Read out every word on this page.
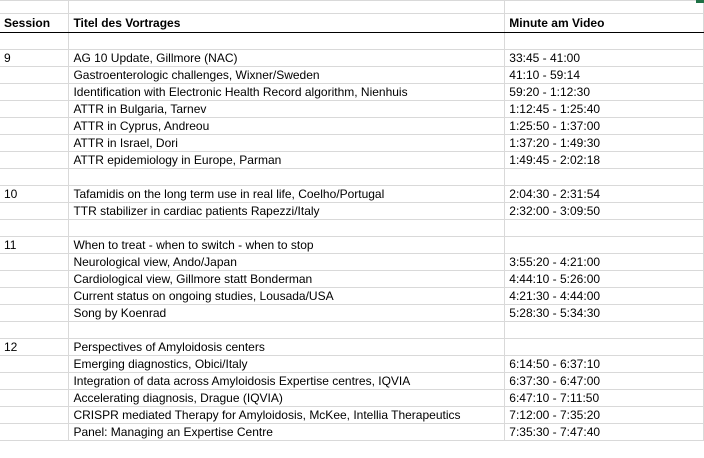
Session	Titel des Vortrages	Minute am Video

9	AG 10 Update, Gillmore (NAC)	33:45 - 41:00
	Gastroenterologic challenges, Wixner/Sweden	41:10 - 59:14
	Identification with Electronic Health Record algorithm, Nienhuis	59:20 - 1:12:30
	ATTR in Bulgaria, Tarnev	1:12:45 - 1:25:40
	ATTR in Cyprus, Andreou	1:25:50 - 1:37:00
	ATTR in Israel, Dori	1:37:20 - 1:49:30
	ATTR epidemiology in Europe, Parman	1:49:45 - 2:02:18

10	Tafamidis on the long term use in real life, Coelho/Portugal	2:04:30 - 2:31:54
	TTR stabilizer in cardiac patients Rapezzi/Italy	2:32:00 - 3:09:50

11	When to treat - when to switch - when to stop	
	Neurological view, Ando/Japan	3:55:20 - 4:21:00
	Cardiological view, Gillmore statt Bonderman	4:44:10 - 5:26:00
	Current status on ongoing studies, Lousada/USA	4:21:30 - 4:44:00
	Song by Koenrad	5:28:30 - 5:34:30

12	Perspectives of Amyloidosis centers	
	Emerging diagnostics, Obici/Italy	6:14:50 - 6:37:10
	Integration of data across Amyloidosis Expertise centres, IQVIA	6:37:30 - 6:47:00
	Accelerating diagnosis, Drague (IQVIA)	6:47:10 - 7:11:50
	CRISPR mediated Therapy for Amyloidosis, McKee, Intellia Therapeutics	7:12:00 - 7:35:20
	Panel: Managing an Expertise Centre	7:35:30 - 7:47:40
